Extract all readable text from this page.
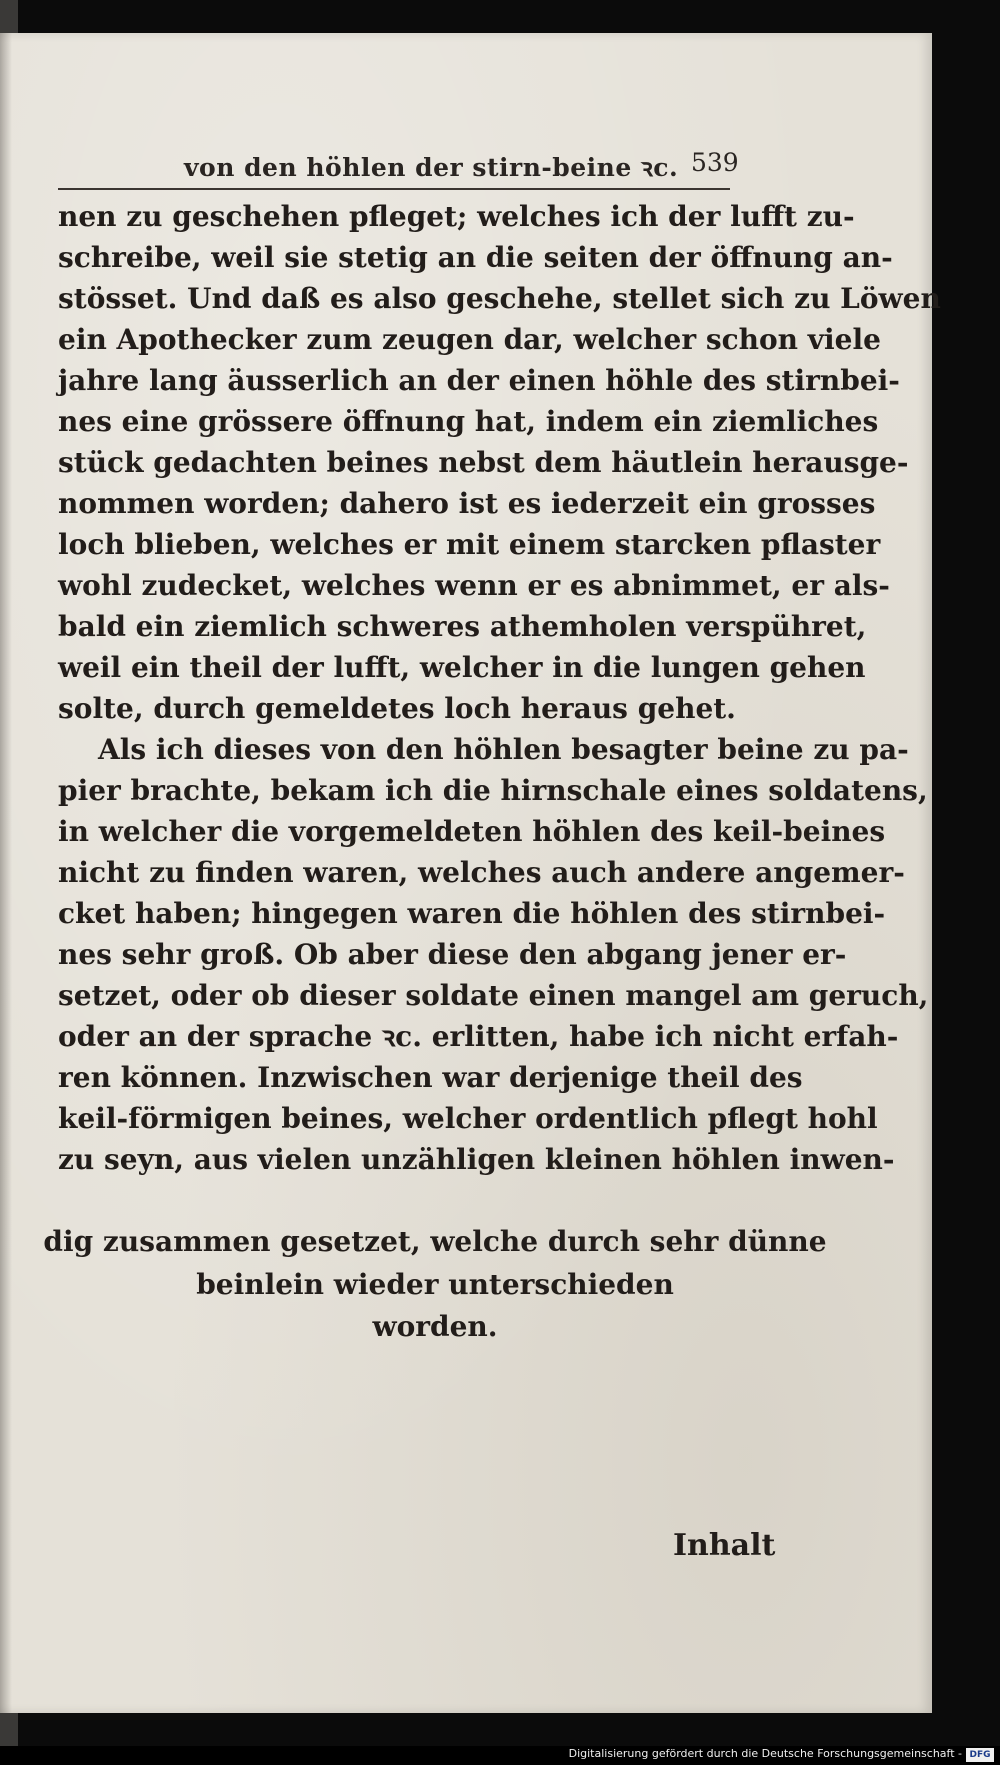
von den höhlen der stirn-beine ꝛc. 539
nen zu geschehen pfleget; welches ich der lufft zu-
schreibe, weil sie stetig an die seiten der öffnung an-
stösset. Und daß es also geschehe, stellet sich zu Löwen
ein Apothecker zum zeugen dar, welcher schon viele
jahre lang äusserlich an der einen höhle des stirnbei-
nes eine grössere öffnung hat, indem ein ziemliches
stück gedachten beines nebst dem häutlein herausge-
nommen worden; dahero ist es iederzeit ein grosses
loch blieben, welches er mit einem starcken pflaster
wohl zudecket, welches wenn er es abnimmet, er als-
bald ein ziemlich schweres athemholen verspühret,
weil ein theil der lufft, welcher in die lungen gehen
solte, durch gemeldetes loch heraus gehet.
Als ich dieses von den höhlen besagter beine zu pa-
pier brachte, bekam ich die hirnschale eines soldatens,
in welcher die vorgemeldeten höhlen des keil-beines
nicht zu finden waren, welches auch andere angemer-
cket haben; hingegen waren die höhlen des stirnbei-
nes sehr groß. Ob aber diese den abgang jener er-
setzet, oder ob dieser soldate einen mangel am geruch,
oder an der sprache ꝛc. erlitten, habe ich nicht erfah-
ren können. Inzwischen war derjenige theil des
keil-förmigen beines, welcher ordentlich pflegt hohl
zu seyn, aus vielen unzähligen kleinen höhlen inwen-
dig zusammen gesetzet, welche durch sehr dünne
beinlein wieder unterschieden
worden.
Inhalt
Digitalisierung gefördert durch die Deutsche Forschungsgemeinschaft - DFG
